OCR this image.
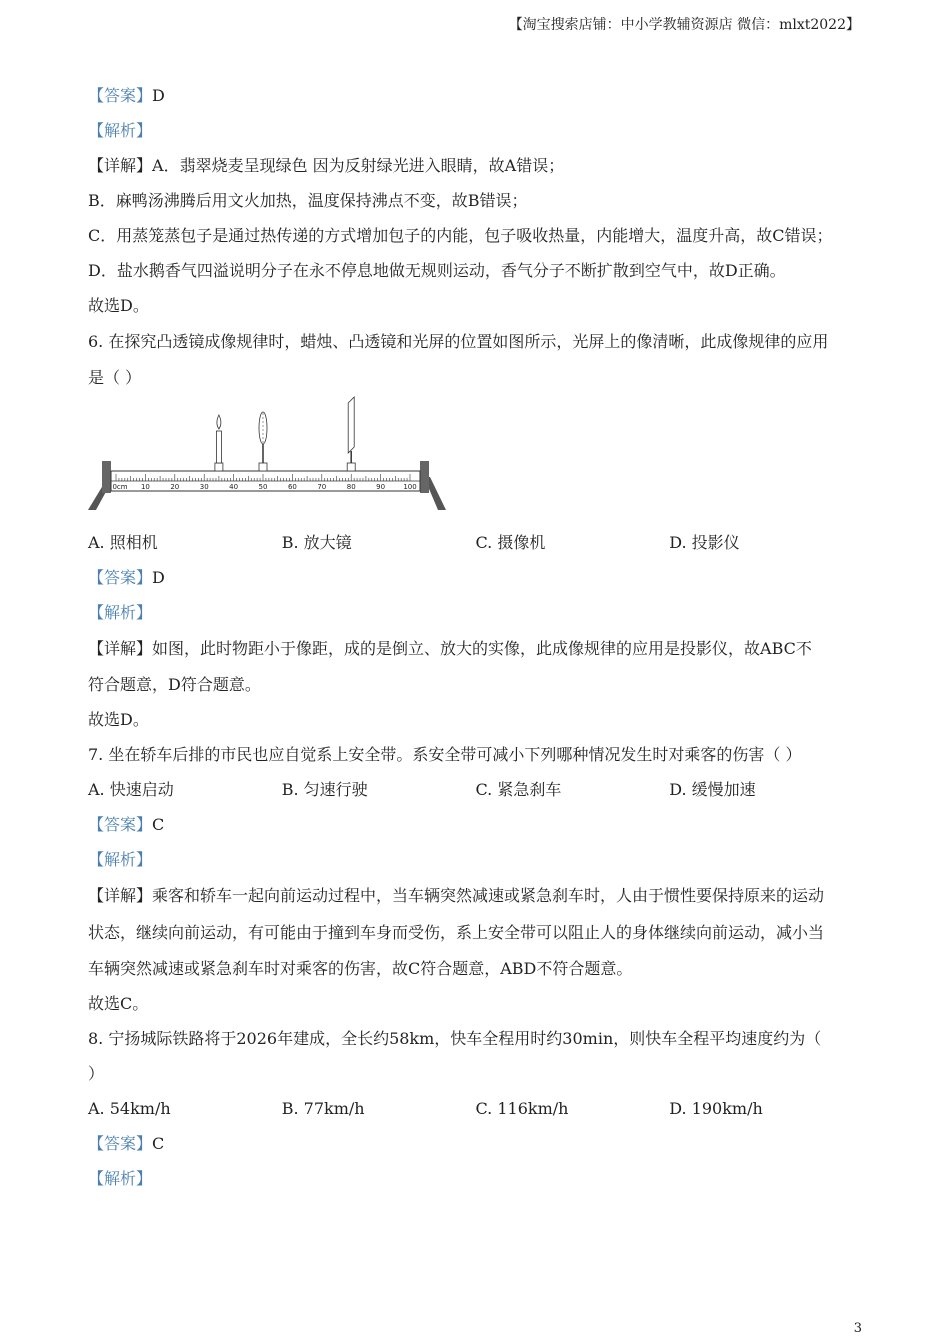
【淘宝搜索店铺：中小学教辅资源店 微信：mlxt2022】
【答案】D
【解析】
【详解】A．翡翠烧麦呈现绿色 因为反射绿光进入眼睛，故A错误；
B．麻鸭汤沸腾后用文火加热，温度保持沸点不变，故B错误；
C．用蒸笼蒸包子是通过热传递的方式增加包子的内能，包子吸收热量，内能增大，温度升高，故C错误；
D．盐水鹅香气四溢说明分子在永不停息地做无规则运动，香气分子不断扩散到空气中，故D正确。
故选D。
6. 在探究凸透镜成像规律时，蜡烛、凸透镜和光屏的位置如图所示，光屏上的像清晰，此成像规律的应用
是（ ）
0cm 10	20	30	40	50	60	70	80	90	100
A. 照相机	B. 放大镜	C. 摄像机	D. 投影仪
【答案】D
【解析】
【详解】如图，此时物距小于像距，成的是倒立、放大的实像，此成像规律的应用是投影仪，故ABC不
符合题意，D符合题意。
故选D。
7. 坐在轿车后排的市民也应自觉系上安全带。系安全带可减小下列哪种情况发生时对乘客的伤害（ ）
A. 快速启动	B. 匀速行驶	C. 紧急刹车	D. 缓慢加速
【答案】C
【解析】
【详解】乘客和轿车一起向前运动过程中，当车辆突然减速或紧急刹车时，人由于惯性要保持原来的运动
状态，继续向前运动，有可能由于撞到车身而受伤，系上安全带可以阻止人的身体继续向前运动，减小当
车辆突然减速或紧急刹车时对乘客的伤害，故C符合题意，ABD不符合题意。
故选C。
8. 宁扬城际铁路将于2026年建成，全长约58km，快车全程用时约30min，则快车全程平均速度约为（
）
A. 54km/h	B. 77km/h	C. 116km/h	D. 190km/h
【答案】C
【解析】
3
